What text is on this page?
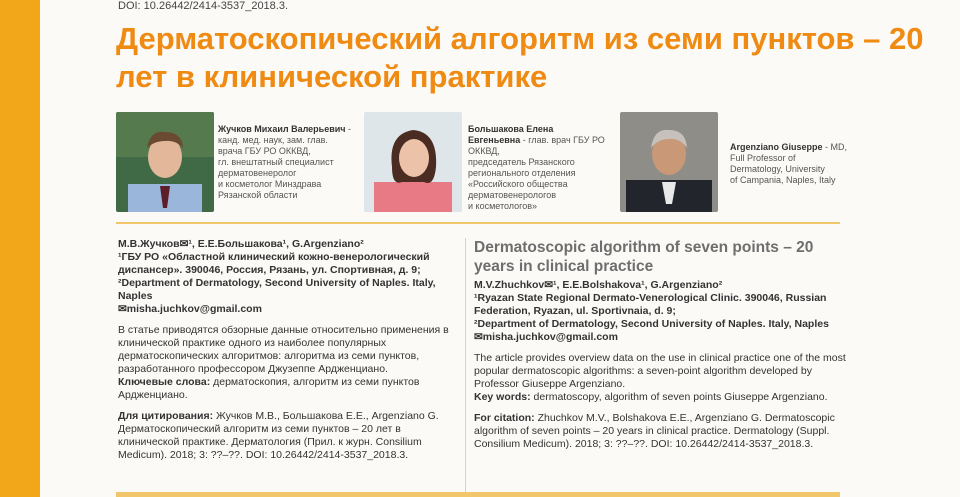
DOI: 10.26442/2414-3537_2018.3.
Дерматоскопический алгоритм из семи пунктов – 20 лет в клинической практике
Жучков Михаил Валерьевич - канд. мед. наук, зам. глав.
врача ГБУ РО ОККВД,
гл. внештатный специалист
дерматовенеролог
и косметолог Минздрава
Рязанской области
Большакова Елена Евгеньевна - глав. врач ГБУ РО ОККВД,
председатель Рязанского
регионального отделения
«Российского общества
дерматовенерологов
и косметологов»
Argenziano Giuseppe - MD, Full Professor of
Dermatology, University
of Campania, Naples, Italy

М.В.Жучков✉¹, Е.Е.Большакова¹, G.Argenziano²

¹ГБУ РО «Областной клинический кожно-венерологический диспансер». 390046, Россия, Рязань, ул. Спортивная, д. 9;

²Department of Dermatology, Second University of Naples. Italy, Naples

✉misha.juchkov@gmail.com

В статье приводятся обзорные данные относительно применения в клинической практике одного из наиболее популярных дерматоскопических алгоритмов: алгоритма из семи пунктов, разработанного профессором Джузеппе Ардженциано.

Ключевые слова: дерматоскопия, алгоритм из семи пунктов Ардженциано.

Для цитирования: Жучков М.В., Большакова Е.Е., Argenziano G. Дерматоскопический алгоритм из семи пунктов – 20 лет в клинической практике. Дерматология (Прил. к журн. Consilium Medicum). 2018; 3: ??–??. DOI: 10.26442/2414-3537_2018.3.

Dermatoscopic algorithm of seven points – 20 years in clinical practice

M.V.Zhuchkov✉¹, E.E.Bolshakova¹, G.Argenziano²

¹Ryazan State Regional Dermato-Venerological Clinic. 390046, Russian Federation, Ryazan, ul. Sportivnaia, d. 9;

²Department of Dermatology, Second University of Naples. Italy, Naples

✉misha.juchkov@gmail.com

The article provides overview data on the use in clinical practice one of the most popular dermatoscopic algorithms: a seven-point algorithm developed by Professor Giuseppe Argenziano.

Key words: dermatoscopy, algorithm of seven points Giuseppe Argenziano.

For citation: Zhuchkov M.V., Bolshakova E.E., Argenziano G. Dermatoscopic algorithm of seven points – 20 years in clinical practice. Dermatology (Suppl. Consilium Medicum). 2018; 3: ??–??. DOI: 10.26442/2414-3537_2018.3.
